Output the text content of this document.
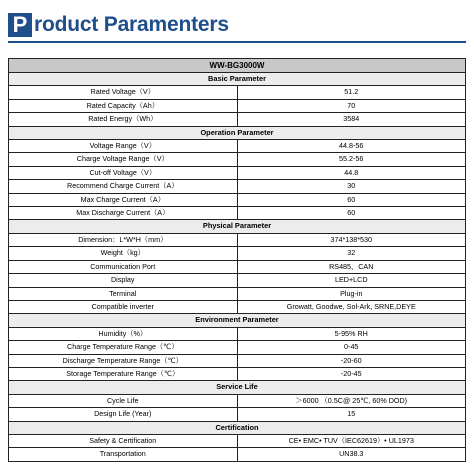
P roduct Paramenters
WW-BG3000W	
Basic Parameter	
Rated Voltage（V）	51.2
Rated Capacity（Ah）	70
Rated Energy（Wh）	3584
Operation Parameter	
Voltage Range（V）	44.8-56
Charge Voltage Range（V）	55.2-56
Cut-off Voltage（V）	44.8
Recommend Charge Current（A）	30
Max Charge Current（A）	60
Max Discharge Current（A）	60
Physical Parameter	
Dimension：L*W*H（mm）	374*138*530
Weight（kg）	32
Communication Port	RS485、CAN
Display	LED+LCD
Terminal	Plug-in
Compatible inverter	Growatt, Goodwe, Sol-Ark, SRNE,DEYE
Environment Parameter	
Humidity（%）	5-95% RH
Charge Temperature Range（℃）	0-45
Discharge Temperature Range（℃）	-20-60
Storage Temperature Range（℃）	-20-45
Service Life	
Cycle Life	＞6000 （0.5C@ 25℃, 60% DOD)
Design Life (Year)	15
Certification	
Safety & Certification	CE• EMC• TUV（IEC62619）• UL1973
Transportation	UN38.3
